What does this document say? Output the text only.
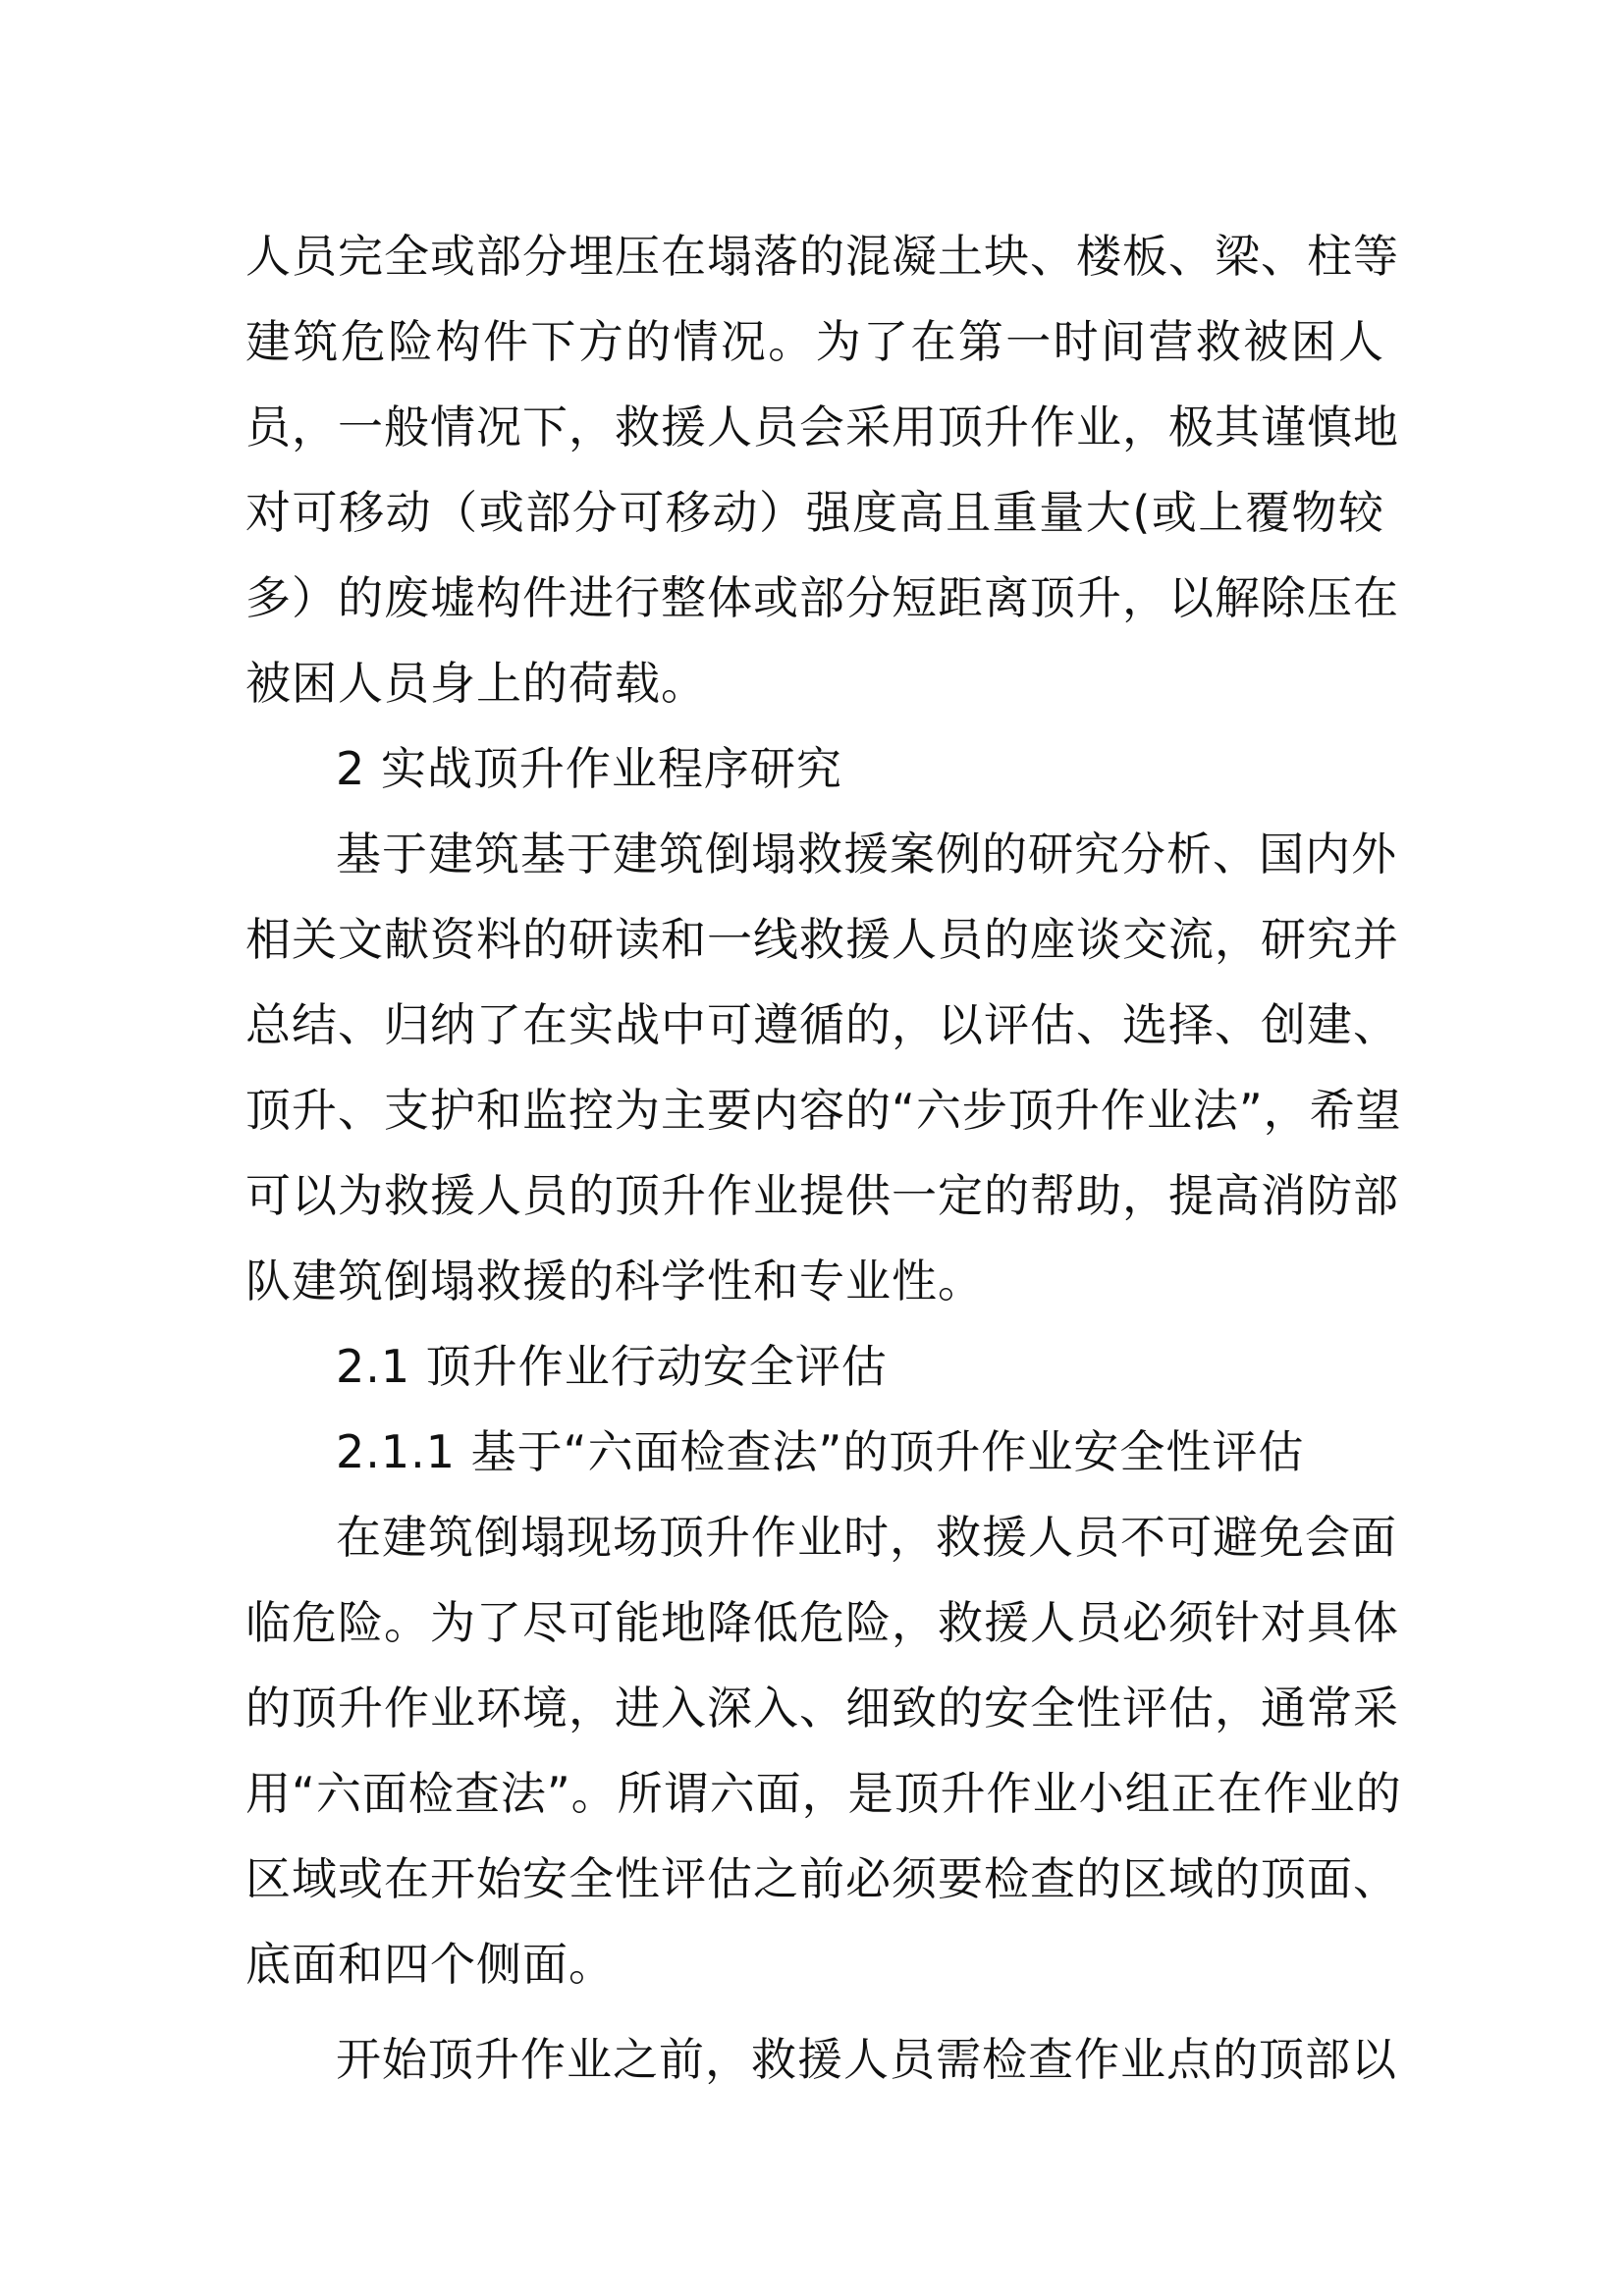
人员完全或部分埋压在塌落的混凝土块、楼板、梁、柱等
建筑危险构件下方的情况。为了在第一时间营救被困人
员，一般情况下，救援人员会采用顶升作业，极其谨慎地
对可移动（或部分可移动）强度高且重量大(或上覆物较
多）的废墟构件进行整体或部分短距离顶升，以解除压在
被困人员身上的荷载。
2 实战顶升作业程序研究
基于建筑基于建筑倒塌救援案例的研究分析、国内外
相关文献资料的研读和一线救援人员的座谈交流，研究并
总结、归纳了在实战中可遵循的，以评估、选择、创建、
顶升、支护和监控为主要内容的“六步顶升作业法”，希望
可以为救援人员的顶升作业提供一定的帮助，提高消防部
队建筑倒塌救援的科学性和专业性。
2.1 顶升作业行动安全评估
2.1.1 基于“六面检查法”的顶升作业安全性评估
在建筑倒塌现场顶升作业时，救援人员不可避免会面
临危险。为了尽可能地降低危险，救援人员必须针对具体
的顶升作业环境，进入深入、细致的安全性评估，通常采
用“六面检查法”。所谓六面，是顶升作业小组正在作业的
区域或在开始安全性评估之前必须要检查的区域的顶面、
底面和四个侧面。
开始顶升作业之前，救援人员需检查作业点的顶部以
